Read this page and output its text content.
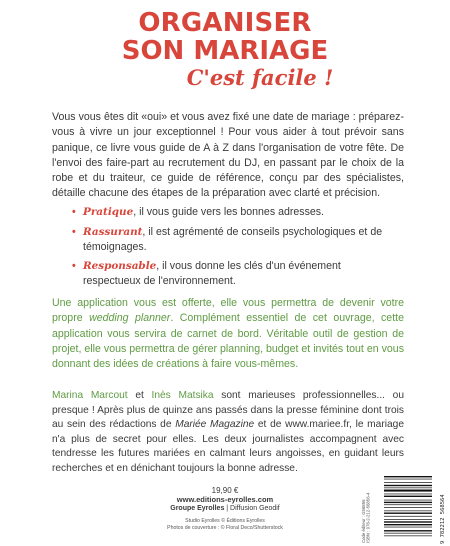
ORGANISER
SON MARIAGE
C'est facile !

Vous vous êtes dit «oui» et vous avez fixé une date de mariage : préparez-vous à vivre un jour exceptionnel ! Pour vous aider à tout prévoir sans panique, ce livre vous guide de A à Z dans l'organisation de votre fête. De l'envoi des faire-part au recrutement du DJ, en passant par le choix de la robe et du traiteur, ce guide de référence, conçu par des spécialistes, détaille chacune des étapes de la préparation avec clarté et précision.

• Pratique, il vous guide vers les bonnes adresses.
• Rassurant, il est agrémenté de conseils psychologiques et de témoignages.
• Responsable, il vous donne les clés d'un événement respectueux de l'environnement.

Une application vous est offerte, elle vous permettra de devenir votre propre wedding planner. Complément essentiel de cet ouvrage, cette application vous servira de carnet de bord. Véritable outil de gestion de projet, elle vous permettra de gérer planning, budget et invités tout en vous donnant des idées de créations à faire vous-mêmes.

Marina Marcout et Inès Matsika sont marieuses professionnelles... ou presque ! Après plus de quinze ans passés dans la presse féminine dont trois au sein des rédactions de Mariée Magazine et de www.mariee.fr, le mariage n'a plus de secret pour elles. Les deux journalistes accompagnent avec tendresse les futures mariées en calmant leurs angoisses, en guidant leurs recherches et en dénichant toujours la bonne adresse.

19,90 €
www.editions-eyrolles.com
Groupe Eyrolles | Diffusion Geodif
Studio Eyrolles © Éditions Eyrolles
Photos de couverture : © Floral Deco/Shutterstock	Code éditeur : G56856 ISBN : 978-2-212-56856-4	9 782212 568564
